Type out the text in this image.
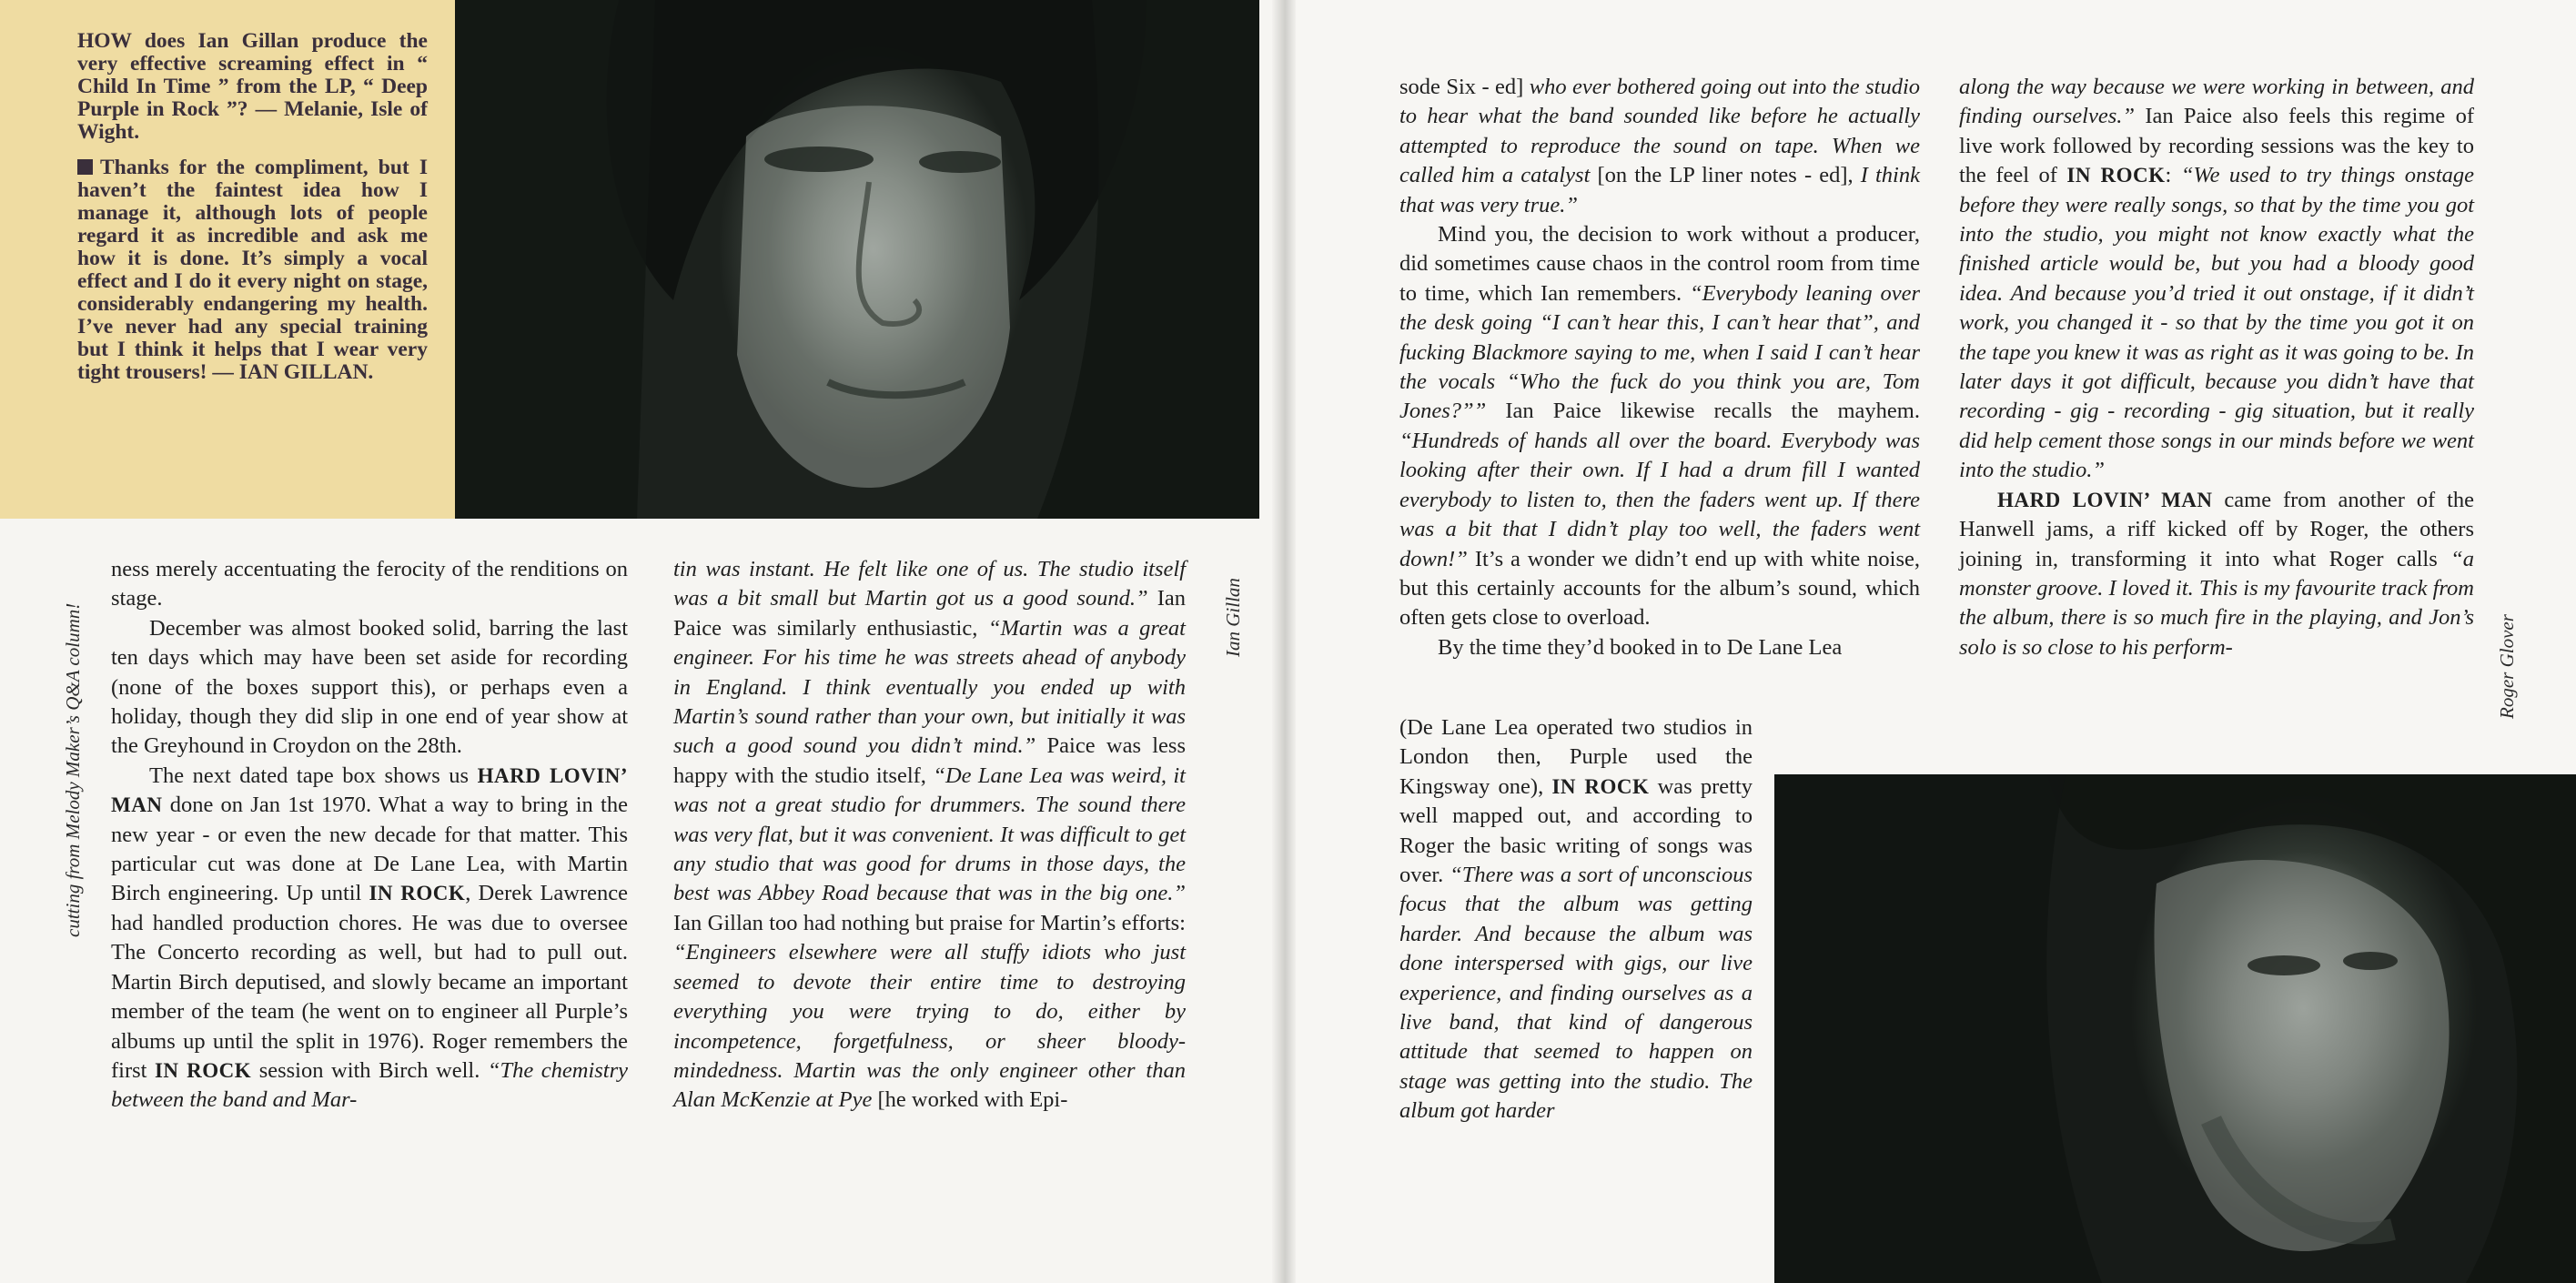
HOW does Ian Gillan produce the very effective screaming effect in “ Child In Time ” from the LP, “ Deep Purple in Rock ”? — Melanie, Isle of Wight.

Thanks for the compliment, but I haven’t the faintest idea how I manage it, although lots of people regard it as incredible and ask me how it is done. It’s simply a vocal effect and I do it every night on stage, considerably endangering my health. I’ve never had any special training but I think it helps that I wear very tight trousers! — IAN GILLAN.

cutting from Melody Maker’s Q&A column!

ness merely accentuating the ferocity of the renditions on stage.

December was almost booked solid, barring the last ten days which may have been set aside for recording (none of the boxes support this), or perhaps even a holiday, though they did slip in one end of year show at the Greyhound in Croydon on the 28th.

The next dated tape box shows us HARD LOVIN’ MAN done on Jan 1st 1970. What a way to bring in the new year - or even the new decade for that matter. This particular cut was done at De Lane Lea, with Martin Birch engineering. Up until IN ROCK, Derek Lawrence had handled production chores. He was due to oversee The Concerto recording as well, but had to pull out. Martin Birch deputised, and slowly became an important member of the team (he went on to engineer all Purple’s albums up until the split in 1976). Roger remembers the first IN ROCK session with Birch well. “The chemistry between the band and Mar-

tin was instant. He felt like one of us. The studio itself was a bit small but Martin got us a good sound.” Ian Paice was similarly enthusiastic, “Martin was a great engineer. For his time he was streets ahead of anybody in England. I think eventually you ended up with Martin’s sound rather than your own, but initially it was such a good sound you didn’t mind.” Paice was less happy with the studio itself, “De Lane Lea was weird, it was not a great studio for drummers. The sound there was very flat, but it was convenient. It was difficult to get any studio that was good for drums in those days, the best was Abbey Road because that was in the big one.” Ian Gillan too had nothing but praise for Martin’s efforts: “Engineers elsewhere were all stuffy idiots who just seemed to devote their entire time to destroying everything you were trying to do, either by incompetence, forgetfulness, or sheer bloody-mindedness. Martin was the only engineer other than Alan McKenzie at Pye [he worked with Epi-

Ian Gillan

sode Six - ed] who ever bothered going out into the studio to hear what the band sounded like before he actually attempted to reproduce the sound on tape. When we called him a catalyst [on the LP liner notes - ed], I think that was very true.”

Mind you, the decision to work without a producer, did sometimes cause chaos in the control room from time to time, which Ian remembers. “Everybody leaning over the desk going “I can’t hear this, I can’t hear that”, and fucking Blackmore saying to me, when I said I can’t hear the vocals “Who the fuck do you think you are, Tom Jones?”” Ian Paice likewise recalls the mayhem. “Hundreds of hands all over the board. Everybody was looking after their own. If I had a drum fill I wanted everybody to listen to, then the faders went up. If there was a bit that I didn’t play too well, the faders went down!” It’s a wonder we didn’t end up with white noise, but this certainly accounts for the album’s sound, which often gets close to overload.

By the time they’d booked in to De Lane Lea

(De Lane Lea operated two studios in London then, Purple used the Kingsway one), IN ROCK was pretty well mapped out, and according to Roger the basic writing of songs was over. “There was a sort of unconscious focus that the album was getting harder. And because the album was done interspersed with gigs, our live experience, and finding ourselves as a live band, that kind of dangerous attitude that seemed to happen on stage was getting into the studio. The album got harder

along the way because we were working in between, and finding ourselves.” Ian Paice also feels this regime of live work followed by recording sessions was the key to the feel of IN ROCK: “We used to try things onstage before they were really songs, so that by the time you got into the studio, you might not know exactly what the finished article would be, but you had a bloody good idea. And because you’d tried it out onstage, if it didn’t work, you changed it - so that by the time you got it on the tape you knew it was as right as it was going to be. In later days it got difficult, because you didn’t have that recording - gig - recording - gig situation, but it really did help cement those songs in our minds before we went into the studio.”

HARD LOVIN’ MAN came from another of the Hanwell jams, a riff kicked off by Roger, the others joining in, transforming it into what Roger calls “a monster groove. I loved it. This is my favourite track from the album, there is so much fire in the playing, and Jon’s solo is so close to his perform-	Roger Glover
